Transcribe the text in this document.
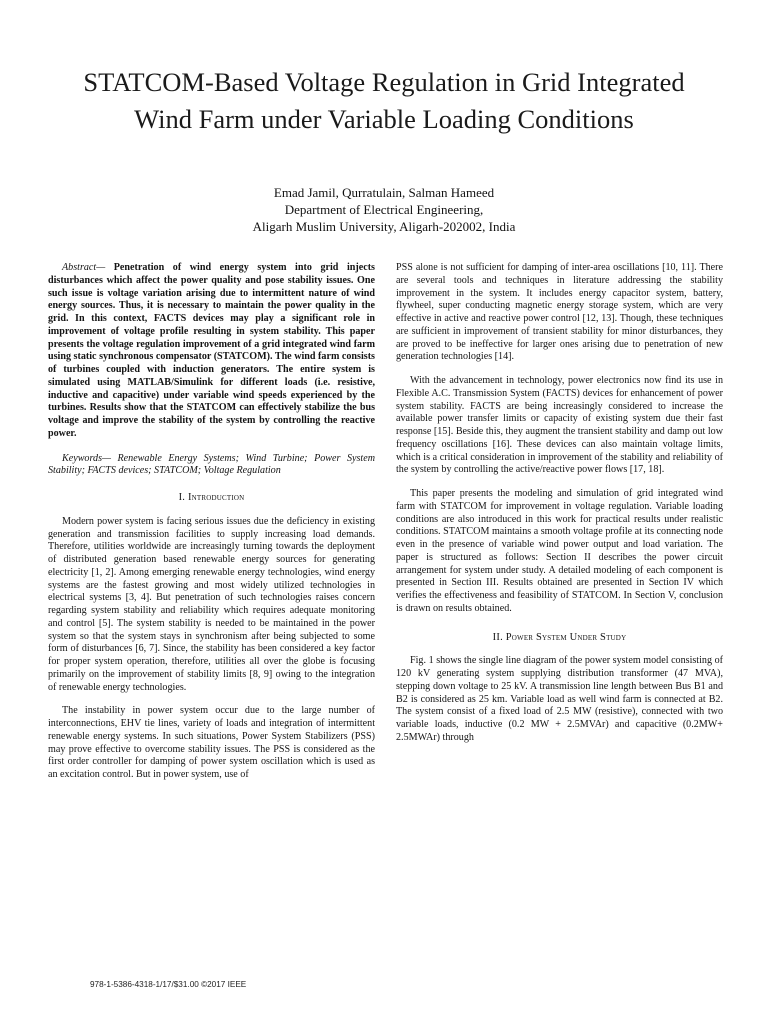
STATCOM-Based Voltage Regulation in Grid Integrated Wind Farm under Variable Loading Conditions
Emad Jamil, Qurratulain, Salman Hameed
Department of Electrical Engineering,
Aligarh Muslim University, Aligarh-202002, India

Abstract— Penetration of wind energy system into grid injects disturbances which affect the power quality and pose stability issues. One such issue is voltage variation arising due to intermittent nature of wind energy sources. Thus, it is necessary to maintain the power quality in the grid. In this context, FACTS devices may play a significant role in improvement of voltage profile resulting in system stability. This paper presents the voltage regulation improvement of a grid integrated wind farm using static synchronous compensator (STATCOM). The wind farm consists of turbines coupled with induction generators. The entire system is simulated using MATLAB/Simulink for different loads (i.e. resistive, inductive and capacitive) under variable wind speeds experienced by the turbines. Results show that the STATCOM can effectively stabilize the bus voltage and improve the stability of the system by controlling the reactive power.

Keywords— Renewable Energy Systems; Wind Turbine; Power System Stability; FACTS devices; STATCOM; Voltage Regulation

I. Introduction

Modern power system is facing serious issues due the deficiency in existing generation and transmission facilities to supply increasing load demands. Therefore, utilities worldwide are increasingly turning towards the deployment of distributed generation based renewable energy sources for generating electricity [1, 2]. Among emerging renewable energy technologies, wind energy systems are the fastest growing and most widely utilized technologies in electrical systems [3, 4]. But penetration of such technologies raises concern regarding system stability and reliability which requires adequate monitoring and control [5]. The system stability is needed to be maintained in the power system so that the system stays in synchronism after being subjected to some form of disturbances [6, 7]. Since, the stability has been considered a key factor for proper system operation, therefore, utilities all over the globe is focusing primarily on the improvement of stability limits [8, 9] owing to the integration of renewable energy technologies.

The instability in power system occur due to the large number of interconnections, EHV tie lines, variety of loads and integration of intermittent renewable energy systems. In such situations, Power System Stabilizers (PSS) may prove effective to overcome stability issues. The PSS is considered as the first order controller for damping of power system oscillation which is used as an excitation control. But in power system, use of

PSS alone is not sufficient for damping of inter-area oscillations [10, 11]. There are several tools and techniques in literature addressing the stability improvement in the system. It includes energy capacitor system, battery, flywheel, super conducting magnetic energy storage system, which are very effective in active and reactive power control [12, 13]. Though, these techniques are sufficient in improvement of transient stability for minor disturbances, they are proved to be ineffective for larger ones arising due to penetration of new generation technologies [14].

With the advancement in technology, power electronics now find its use in Flexible A.C. Transmission System (FACTS) devices for enhancement of power system stability. FACTS are being increasingly considered to increase the available power transfer limits or capacity of existing system due their fast response [15]. Beside this, they augment the transient stability and damp out low frequency oscillations [16]. These devices can also maintain voltage limits, which is a critical consideration in improvement of the stability and reliability of the system by controlling the active/reactive power flows [17, 18].

This paper presents the modeling and simulation of grid integrated wind farm with STATCOM for improvement in voltage regulation. Variable loading conditions are also introduced in this work for practical results under realistic conditions. STATCOM maintains a smooth voltage profile at its connecting node even in the presence of variable wind power output and load variation. The paper is structured as follows: Section II describes the power circuit arrangement for system under study. A detailed modeling of each component is presented in Section III. Results obtained are presented in Section IV which verifies the effectiveness and feasibility of STATCOM. In Section V, conclusion is drawn on results obtained.

II. Power System Under Study

Fig. 1 shows the single line diagram of the power system model consisting of 120 kV generating system supplying distribution transformer (47 MVA), stepping down voltage to 25 kV. A transmission line length between Bus B1 and B2 is considered as 25 km. Variable load as well wind farm is connected at B2. The system consist of a fixed load of 2.5 MW (resistive), connected with two variable loads, inductive (0.2 MW + 2.5MVAr) and capacitive (0.2MW+ 2.5MWAr) through

978-1-5386-4318-1/17/$31.00 ©2017 IEEE
